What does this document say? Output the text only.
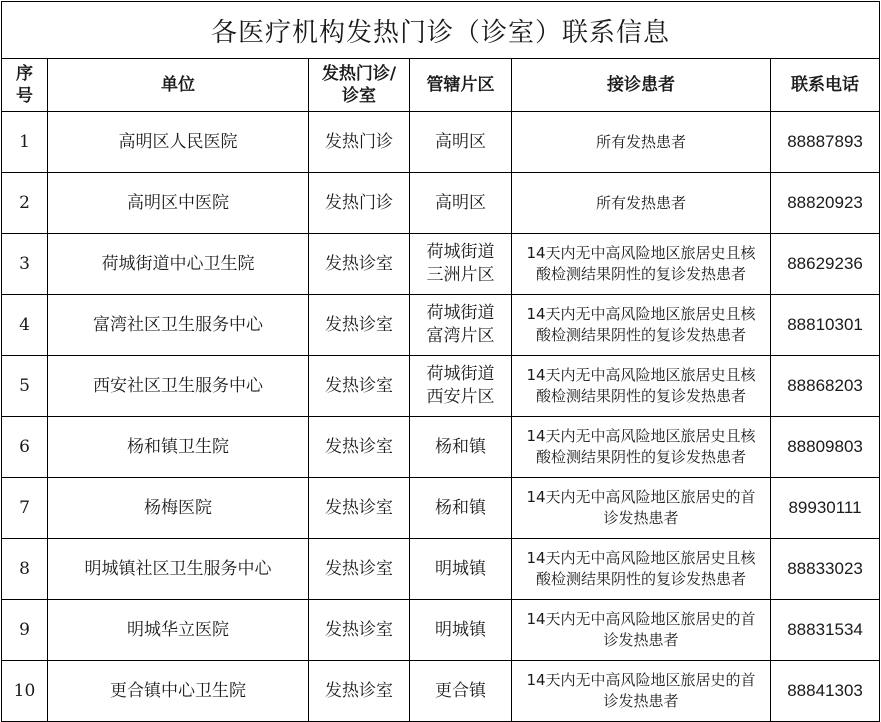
各医疗机构发热门诊（诊室）联系信息					
序号	单位	发热门诊/诊室	管辖片区	接诊患者	联系电话
1	高明区人民医院	发热门诊	高明区	所有发热患者	88887893
2	高明区中医院	发热门诊	高明区	所有发热患者	88820923
3	荷城街道中心卫生院	发热诊室	荷城街道三洲片区	14天内无中高风险地区旅居史且核酸检测结果阴性的复诊发热患者	88629236
4	富湾社区卫生服务中心	发热诊室	荷城街道富湾片区	14天内无中高风险地区旅居史且核酸检测结果阴性的复诊发热患者	88810301
5	西安社区卫生服务中心	发热诊室	荷城街道西安片区	14天内无中高风险地区旅居史且核酸检测结果阴性的复诊发热患者	88868203
6	杨和镇卫生院	发热诊室	杨和镇	14天内无中高风险地区旅居史且核酸检测结果阴性的复诊发热患者	88809803
7	杨梅医院	发热诊室	杨和镇	14天内无中高风险地区旅居史的首诊发热患者	89930111
8	明城镇社区卫生服务中心	发热诊室	明城镇	14天内无中高风险地区旅居史且核酸检测结果阴性的复诊发热患者	88833023
9	明城华立医院	发热诊室	明城镇	14天内无中高风险地区旅居史的首诊发热患者	88831534
10	更合镇中心卫生院	发热诊室	更合镇	14天内无中高风险地区旅居史的首诊发热患者	88841303
